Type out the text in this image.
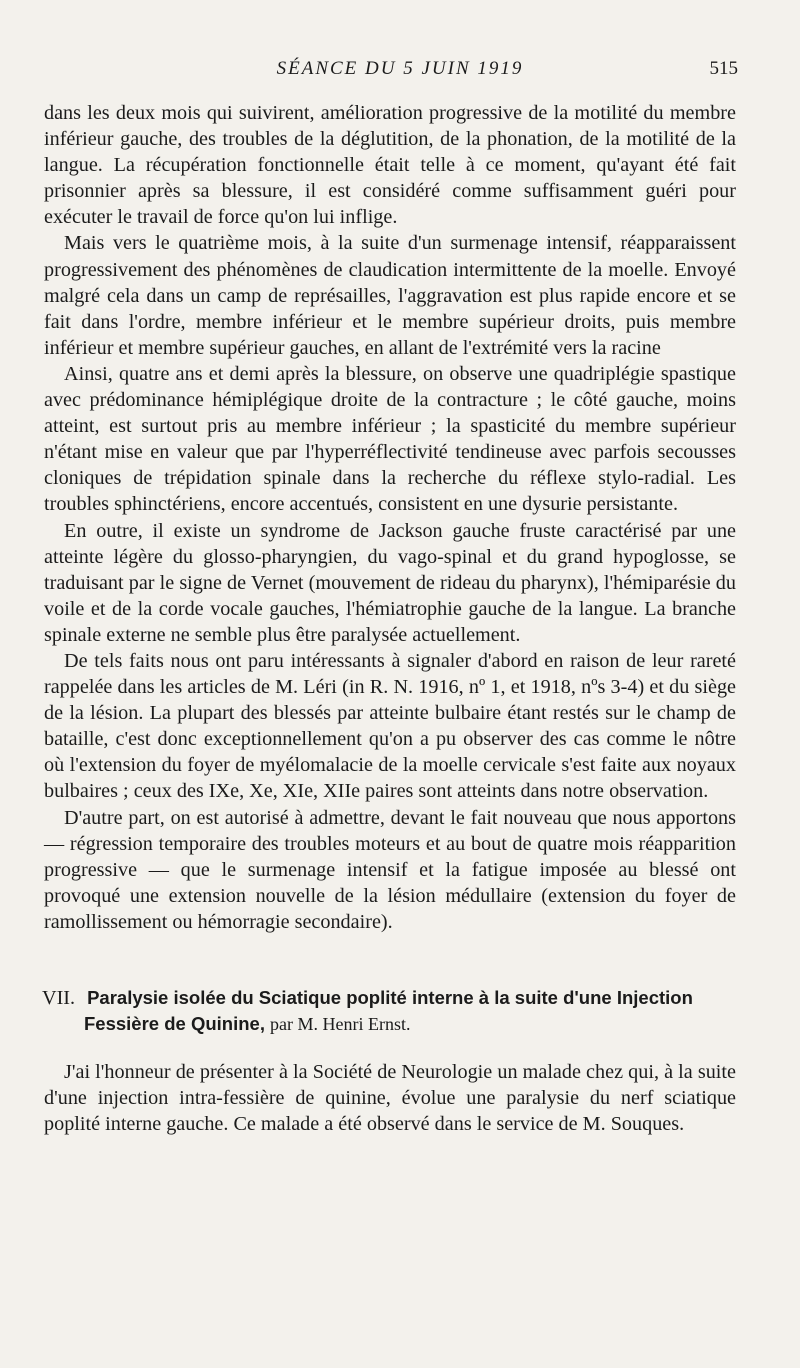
SÉANCE DU 5 JUIN 1919	515

dans les deux mois qui suivirent, amélioration progressive de la motilité du membre inférieur gauche, des troubles de la déglutition, de la phonation, de la motilité de la langue. La récupération fonctionnelle était telle à ce moment, qu'ayant été fait prisonnier après sa blessure, il est considéré comme suffisamment guéri pour exécuter le travail de force qu'on lui inflige.

Mais vers le quatrième mois, à la suite d'un surmenage intensif, réapparaissent progressivement des phénomènes de claudication intermittente de la moelle. Envoyé malgré cela dans un camp de représailles, l'aggravation est plus rapide encore et se fait dans l'ordre, membre inférieur et le membre supérieur droits, puis membre inférieur et membre supérieur gauches, en allant de l'extrémité vers la racine

Ainsi, quatre ans et demi après la blessure, on observe une quadriplégie spastique avec prédominance hémiplégique droite de la contracture ; le côté gauche, moins atteint, est surtout pris au membre inférieur ; la spasticité du membre supérieur n'étant mise en valeur que par l'hyperréflectivité tendineuse avec parfois secousses cloniques de trépidation spinale dans la recherche du réflexe stylo-radial. Les troubles sphinctériens, encore accentués, consistent en une dysurie persistante.

En outre, il existe un syndrome de Jackson gauche fruste caractérisé par une atteinte légère du glosso-pharyngien, du vago-spinal et du grand hypoglosse, se traduisant par le signe de Vernet (mouvement de rideau du pharynx), l'hémiparésie du voile et de la corde vocale gauches, l'hémiatrophie gauche de la langue. La branche spinale externe ne semble plus être paralysée actuellement.

De tels faits nous ont paru intéressants à signaler d'abord en raison de leur rareté rappelée dans les articles de M. Léri (in R. N. 1916, nº 1, et 1918, nºs 3-4) et du siège de la lésion. La plupart des blessés par atteinte bulbaire étant restés sur le champ de bataille, c'est donc exceptionnellement qu'on a pu observer des cas comme le nôtre où l'extension du foyer de myélomalacie de la moelle cervicale s'est faite aux noyaux bulbaires ; ceux des IXe, Xe, XIe, XIIe paires sont atteints dans notre observation.

D'autre part, on est autorisé à admettre, devant le fait nouveau que nous apportons — régression temporaire des troubles moteurs et au bout de quatre mois réapparition progressive — que le surmenage intensif et la fatigue imposée au blessé ont provoqué une extension nouvelle de la lésion médullaire (extension du foyer de ramollissement ou hémorragie secondaire).

VII. Paralysie isolée du Sciatique poplité interne à la suite d'une Injection Fessière de Quinine, par M. Henri Ernst.

J'ai l'honneur de présenter à la Société de Neurologie un malade chez qui, à la suite d'une injection intra-fessière de quinine, évolue une paralysie du nerf sciatique poplité interne gauche. Ce malade a été observé dans le service de M. Souques.
